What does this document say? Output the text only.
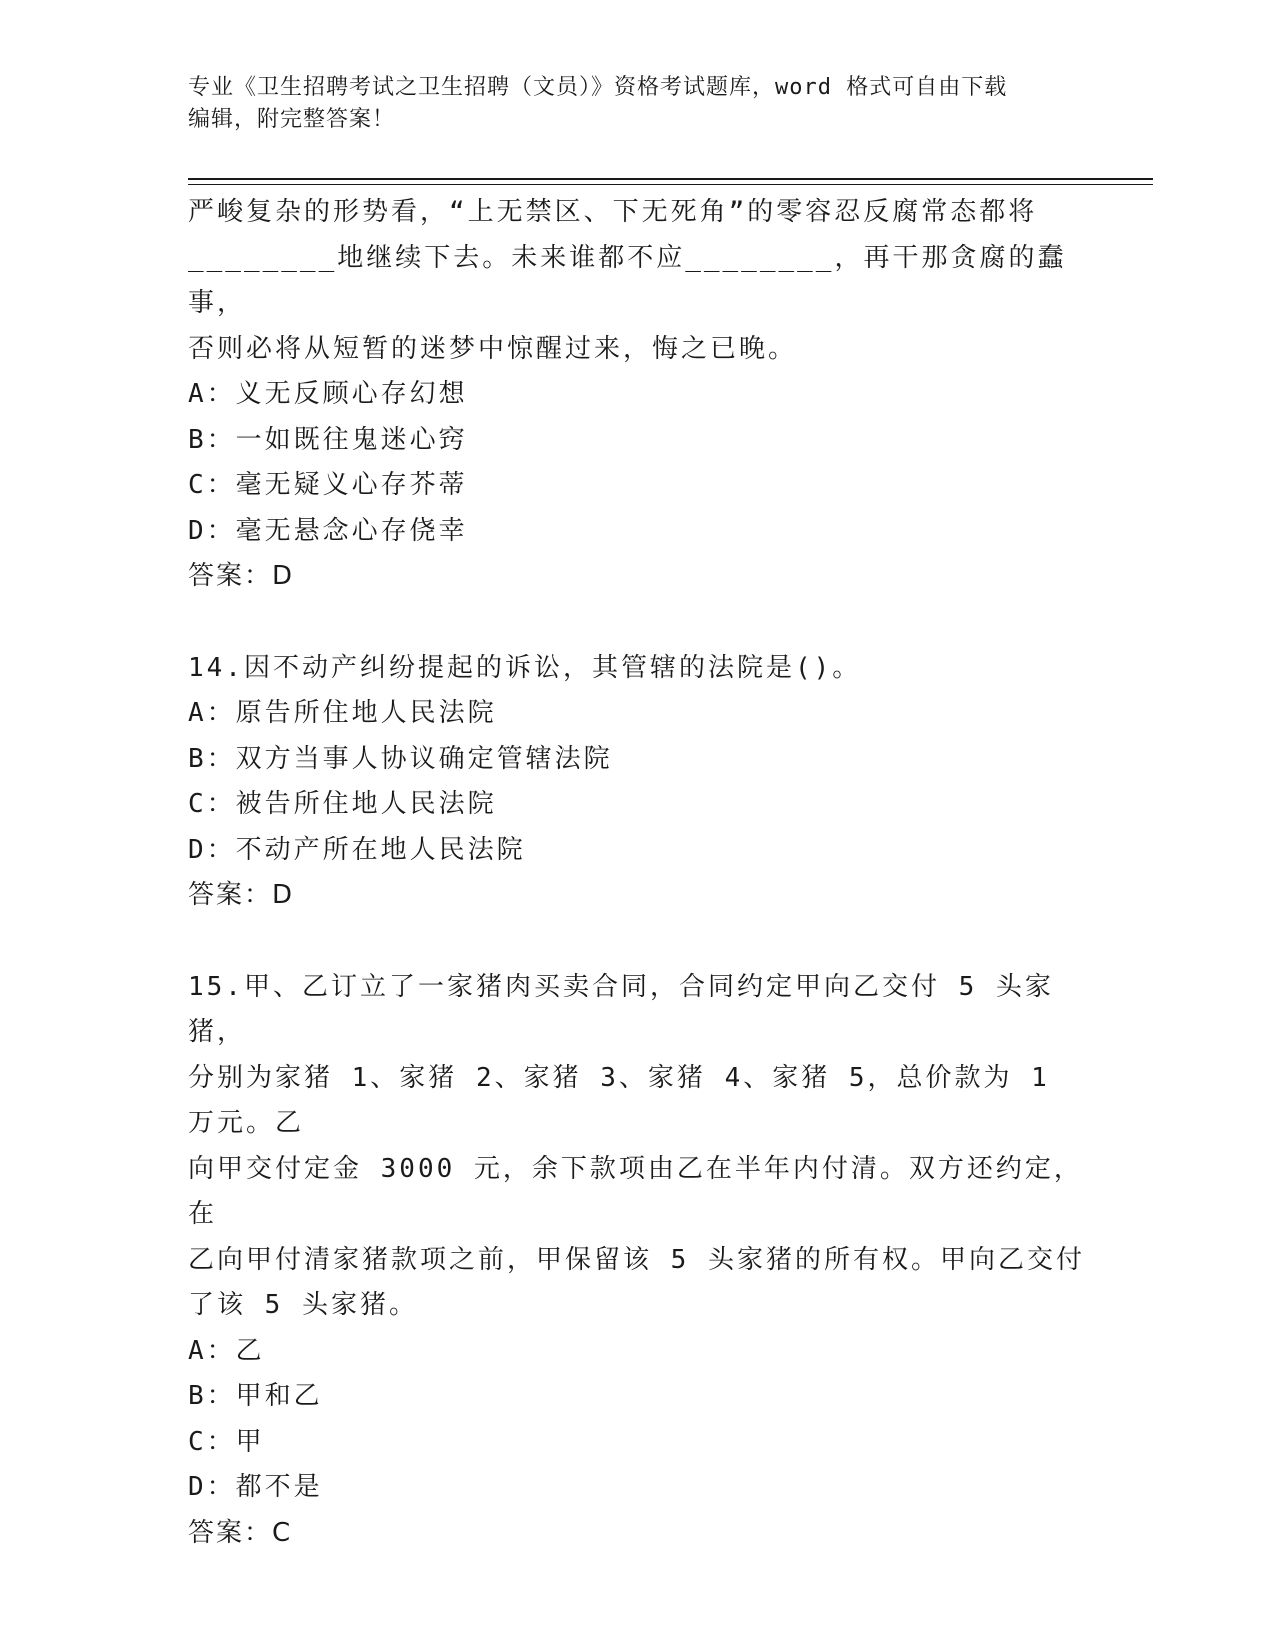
专业《卫生招聘考试之卫生招聘（文员）》资格考试题库，word 格式可自由下载
编辑，附完整答案！

严峻复杂的形势看，“上无禁区、下无死角”的零容忍反腐常态都将

________地继续下去。未来谁都不应________，再干那贪腐的蠢事，

否则必将从短暂的迷梦中惊醒过来，悔之已晚。

A：义无反顾心存幻想

B：一如既往鬼迷心窍

C：毫无疑义心存芥蒂

D：毫无悬念心存侥幸

答案：D

14.因不动产纠纷提起的诉讼，其管辖的法院是()。

A：原告所住地人民法院

B：双方当事人协议确定管辖法院

C：被告所住地人民法院

D：不动产所在地人民法院

答案：D

15.甲、乙订立了一家猪肉买卖合同，合同约定甲向乙交付 5 头家猪，

分别为家猪 1、家猪 2、家猪 3、家猪 4、家猪 5，总价款为 1 万元。乙

向甲交付定金 3000 元，余下款项由乙在半年内付清。双方还约定，在

乙向甲付清家猪款项之前，甲保留该 5 头家猪的所有权。甲向乙交付

了该 5 头家猪。

A：乙

B：甲和乙

C：甲

D：都不是

答案：C
